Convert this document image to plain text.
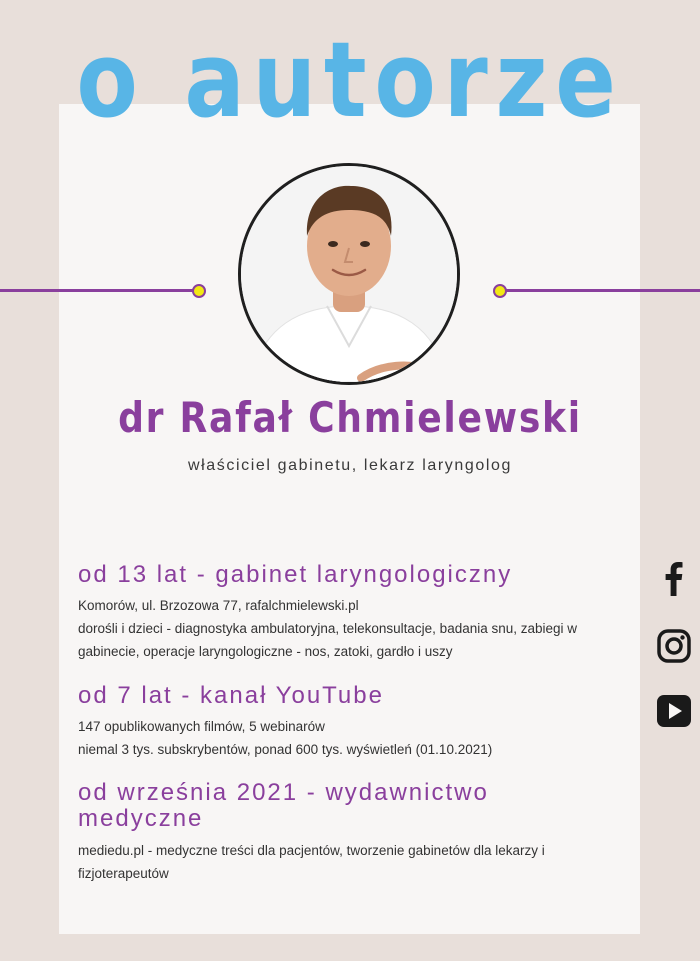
o autorze
dr Rafał Chmielewski
właściciel gabinetu, lekarz laryngolog
od 13 lat - gabinet laryngologiczny

Komorów, ul. Brzozowa 77, rafalchmielewski.pl

dorośli i dzieci - diagnostyka ambulatoryjna, telekonsultacje, badania snu, zabiegi w

gabinecie, operacje laryngologiczne - nos, zatoki, gardło i uszy

od 7 lat - kanał YouTube

147 opublikowanych filmów, 5 webinarów

niemal 3 tys. subskrybentów, ponad 600 tys. wyświetleń (01.10.2021)

od września 2021 - wydawnictwo medyczne

mediedu.pl - medyczne treści dla pacjentów, tworzenie gabinetów dla lekarzy i

fizjoterapeutów
